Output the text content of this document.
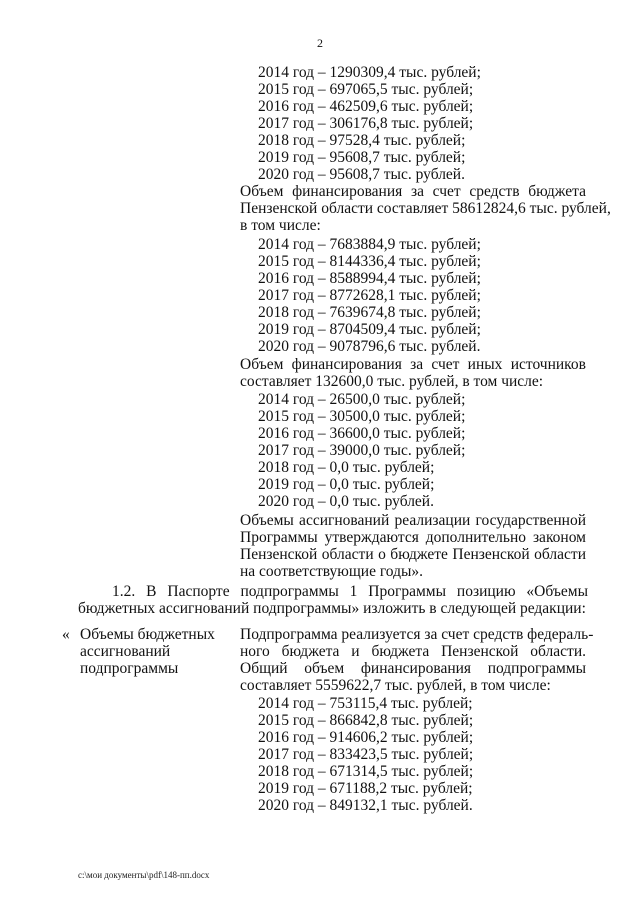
2
2014 год – 1290309,4 тыс. рублей;
2015 год – 697065,5 тыс. рублей;
2016 год – 462509,6 тыс. рублей;
2017 год – 306176,8 тыс. рублей;
2018 год – 97528,4 тыс. рублей;
2019 год – 95608,7 тыс. рублей;
2020 год – 95608,7 тыс. рублей.
Объем финансирования за счет средств бюджета
Пензенской области составляет 58612824,6 тыс. рублей,
в том числе:
2014 год – 7683884,9 тыс. рублей;
2015 год – 8144336,4 тыс. рублей;
2016 год – 8588994,4 тыс. рублей;
2017 год – 8772628,1 тыс. рублей;
2018 год – 7639674,8 тыс. рублей;
2019 год – 8704509,4 тыс. рублей;
2020 год – 9078796,6 тыс. рублей.
Объем финансирования за счет иных источников
составляет 132600,0 тыс. рублей, в том числе:
2014 год – 26500,0 тыс. рублей;
2015 год – 30500,0 тыс. рублей;
2016 год – 36600,0 тыс. рублей;
2017 год – 39000,0 тыс. рублей;
2018 год – 0,0 тыс. рублей;
2019 год – 0,0 тыс. рублей;
2020 год – 0,0 тыс. рублей.
Объемы ассигнований реализации государственной
Программы утверждаются дополнительно законом
Пензенской области о бюджете Пензенской области
на соответствующие годы».
1.2. В Паспорте подпрограммы 1 Программы позицию «Объемы
бюджетных ассигнований подпрограммы» изложить в следующей редакции:
« Объемы бюджетных
ассигнований
подпрограммы
Подпрограмма реализуется за счет средств федераль-
ного бюджета и бюджета Пензенской области.
Общий объем финансирования подпрограммы
составляет 5559622,7 тыс. рублей, в том числе:
2014 год – 753115,4 тыс. рублей;
2015 год – 866842,8 тыс. рублей;
2016 год – 914606,2 тыс. рублей;
2017 год – 833423,5 тыс. рублей;
2018 год – 671314,5 тыс. рублей;
2019 год – 671188,2 тыс. рублей;
2020 год – 849132,1 тыс. рублей.
c:\мои документы\pdf\148-пп.docx
